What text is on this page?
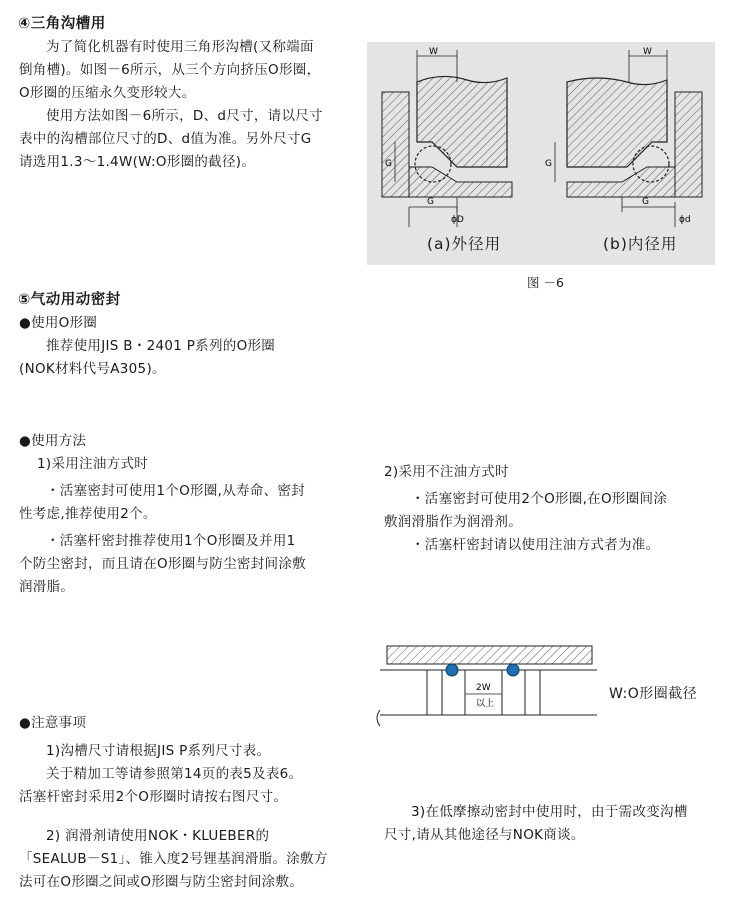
④三角沟槽用

为了简化机器有时使用三角形沟槽(又称端面

倒角槽)。如图－6所示，从三个方向挤压O形圈，

O形圈的压缩永久变形较大。

使用方法如图－6所示，D、d尺寸，请以尺寸

表中的沟槽部位尺寸的D、d值为准。另外尺寸G

请选用1.3～1.4W(W:O形圈的截径)。

W	W
G	G
G	G
ϕD	ϕd
(a)外径用	(b)内径用
图 －6
⑤气动用动密封

●使用O形圈

推荐使用JIS B・2401 P系列的O形圈

(NOK材料代号A305)。

●使用方法

1)采用注油方式时

・活塞密封可使用1个O形圈,从寿命、密封

性考虑,推荐使用2个。

・活塞杆密封推荐使用1个O形圈及并用1

个防尘密封，而且请在O形圈与防尘密封间涂敷

润滑脂。

2)采用不注油方式时

・活塞密封可使用2个O形圈,在O形圈间涂

敷润滑脂作为润滑剂。

・活塞杆密封请以使用注油方式者为准。

2W
以上
W:O形圈截径

●注意事项

1)沟槽尺寸请根据JIS P系列尺寸表。

关于精加工等请参照第14页的表5及表6。

活塞杆密封采用2个O形圈时请按右图尺寸。

2) 润滑剂请使用NOK・KLUEBER的

「SEALUB－S1」、锥入度2号锂基润滑脂。涂敷方

法可在O形圈之间或O形圈与防尘密封间涂敷。

3)在低摩擦动密封中使用时，由于需改变沟槽

尺寸,请从其他途径与NOK商谈。
